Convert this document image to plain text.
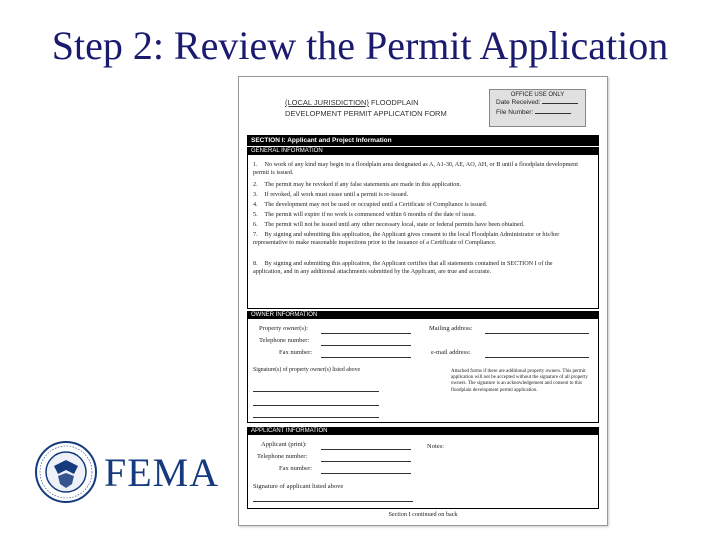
Step 2: Review the Permit Application
(LOCAL JURISDICTION) FLOODPLAIN
DEVELOPMENT PERMIT APPLICATION FORM
OFFICE USE ONLY
Date Received:
File Number:
SECTION I: Applicant and Project Information
GENERAL INFORMATION
OWNER INFORMATION
Property owner(s):
Telephone number:
Fax number:
Mailing address:
e-mail address:
Signature(s) of property owner(s) listed above	Attached forms if there are additional property owners. This permit application will not be accepted without the signature of all property owners. The signature is an acknowledgement and consent to this floodplain development permit application.
APPLICANT INFORMATION
Applicant (print):
Telephone number:
Fax number:
Notes:
Signature of applicant listed above
Section I continued on back
1. No work of any kind may begin in a floodplain area designated as A, A1-30, AE, AO, AH, or B until a floodplain development permit is issued.
2. The permit may be revoked if any false statements are made in this application.
3. If revoked, all work must cease until a permit is re-issued.
4. The development may not be used or occupied until a Certificate of Compliance is issued.
5. The permit will expire if no work is commenced within 6 months of the date of issue.
6. The permit will not be issued until any other necessary local, state or federal permits have been obtained.
7. By signing and submitting this application, the Applicant gives consent to the local Floodplain Administrator or his/her representative to make reasonable inspections prior to the issuance of a Certificate of Compliance.
8. By signing and submitting this application, the Applicant certifies that all statements contained in SECTION I of the application, and in any additional attachments submitted by the Applicant, are true and accurate.
FEMA
